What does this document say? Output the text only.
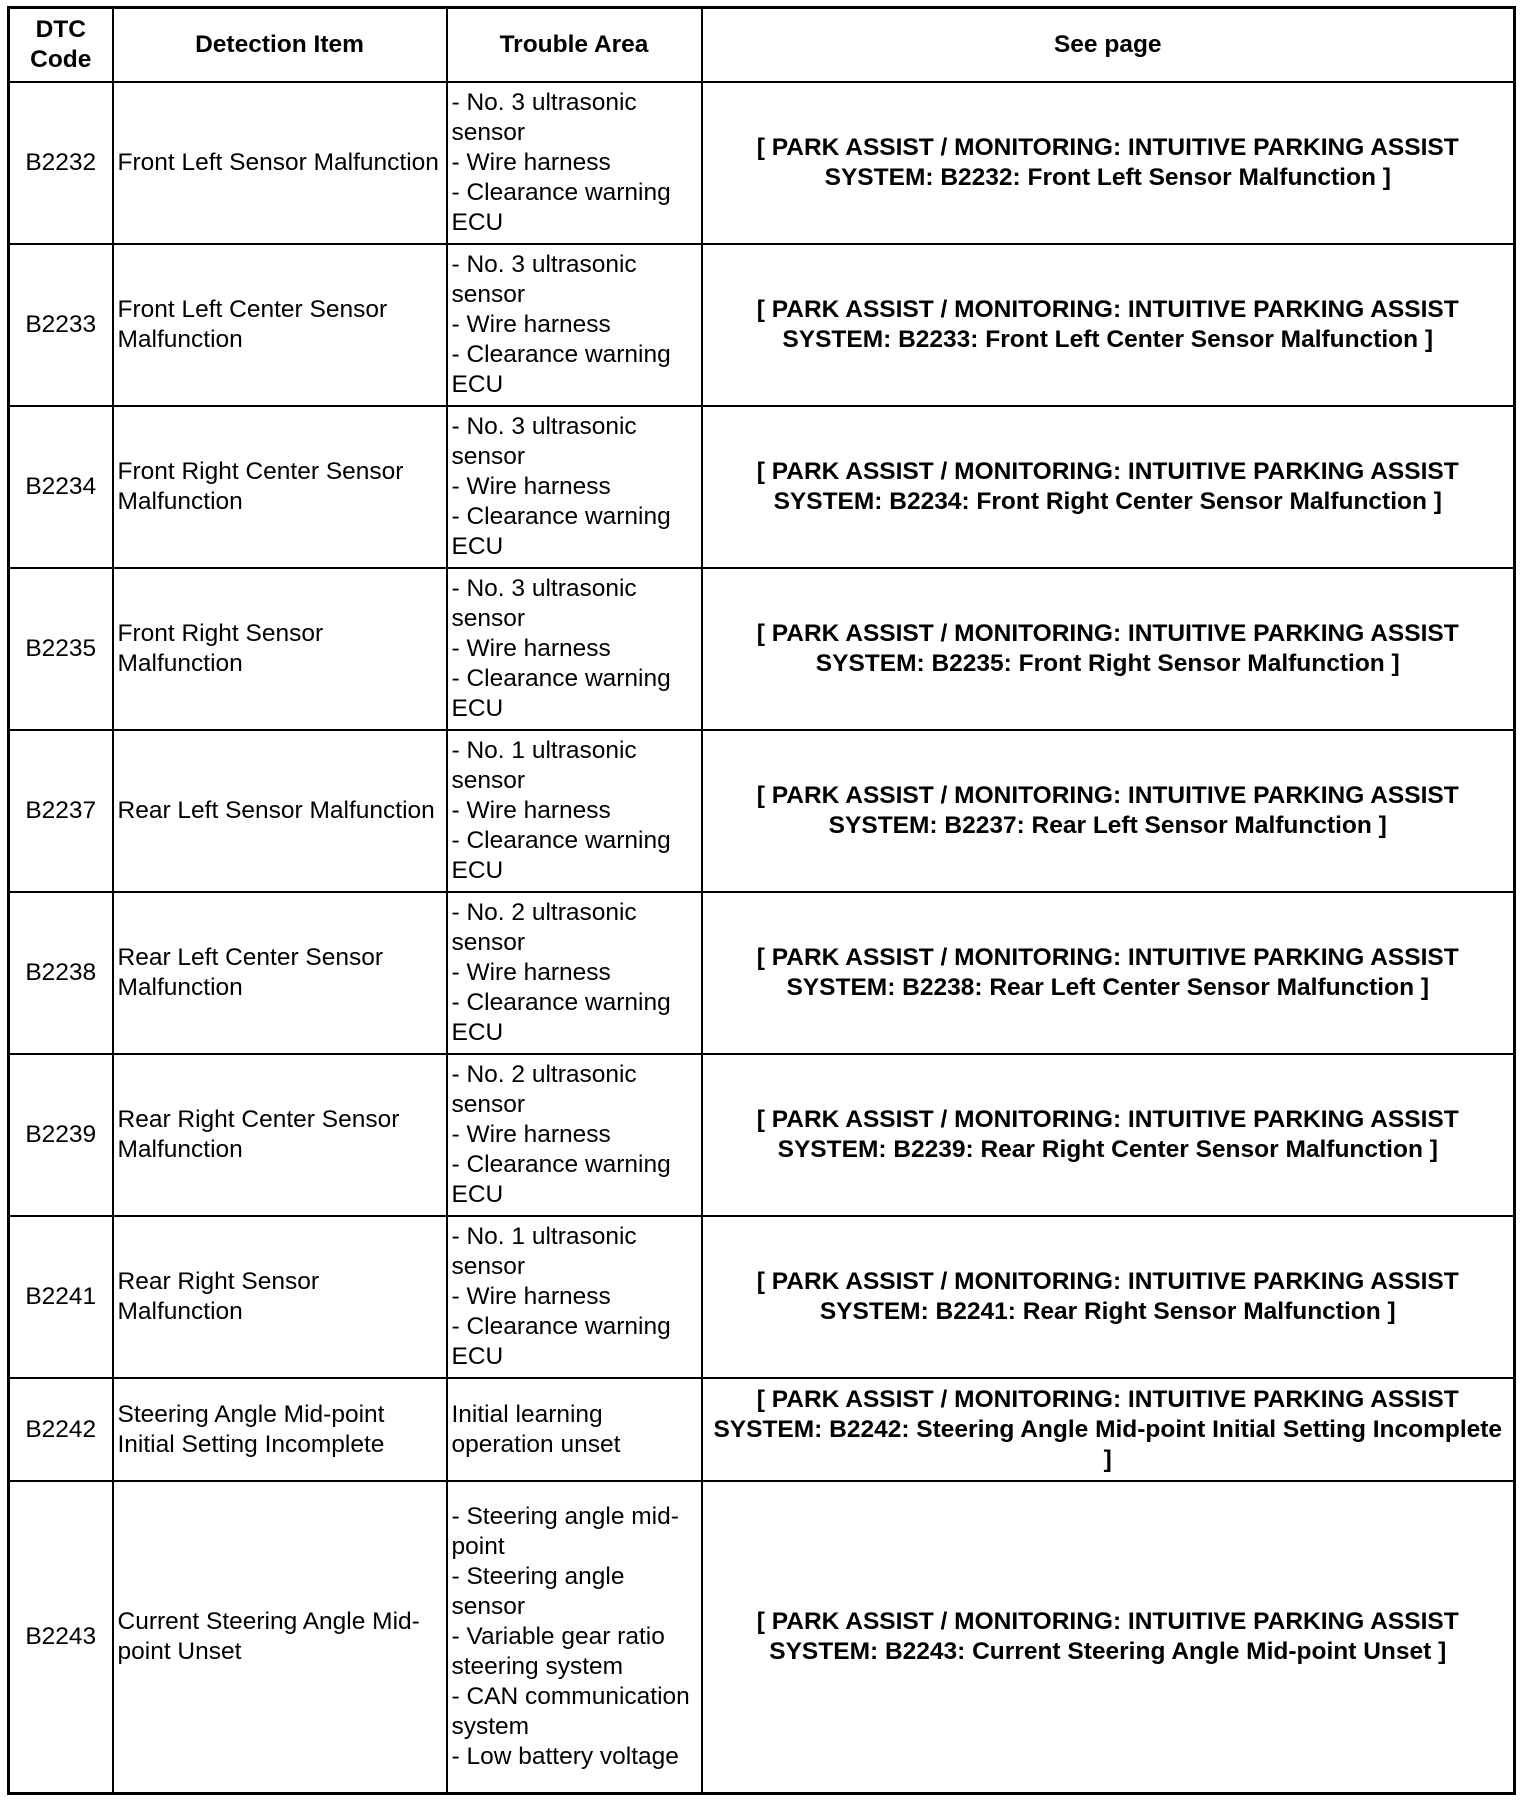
DTC Code	Detection Item	Trouble Area	See page
B2232	Front Left Sensor Malfunction	- No. 3 ultrasonic sensor
- Wire harness
- Clearance warning ECU	[ PARK ASSIST / MONITORING: INTUITIVE PARKING ASSIST SYSTEM: B2232: Front Left Sensor Malfunction ]
B2233	Front Left Center Sensor Malfunction	- No. 3 ultrasonic sensor
- Wire harness
- Clearance warning ECU	[ PARK ASSIST / MONITORING: INTUITIVE PARKING ASSIST SYSTEM: B2233: Front Left Center Sensor Malfunction ]
B2234	Front Right Center Sensor Malfunction	- No. 3 ultrasonic sensor
- Wire harness
- Clearance warning ECU	[ PARK ASSIST / MONITORING: INTUITIVE PARKING ASSIST SYSTEM: B2234: Front Right Center Sensor Malfunction ]
B2235	Front Right Sensor Malfunction	- No. 3 ultrasonic sensor
- Wire harness
- Clearance warning ECU	[ PARK ASSIST / MONITORING: INTUITIVE PARKING ASSIST SYSTEM: B2235: Front Right Sensor Malfunction ]
B2237	Rear Left Sensor Malfunction	- No. 1 ultrasonic sensor
- Wire harness
- Clearance warning ECU	[ PARK ASSIST / MONITORING: INTUITIVE PARKING ASSIST SYSTEM: B2237: Rear Left Sensor Malfunction ]
B2238	Rear Left Center Sensor Malfunction	- No. 2 ultrasonic sensor
- Wire harness
- Clearance warning ECU	[ PARK ASSIST / MONITORING: INTUITIVE PARKING ASSIST SYSTEM: B2238: Rear Left Center Sensor Malfunction ]
B2239	Rear Right Center Sensor Malfunction	- No. 2 ultrasonic sensor
- Wire harness
- Clearance warning ECU	[ PARK ASSIST / MONITORING: INTUITIVE PARKING ASSIST SYSTEM: B2239: Rear Right Center Sensor Malfunction ]
B2241	Rear Right Sensor Malfunction	- No. 1 ultrasonic sensor
- Wire harness
- Clearance warning ECU	[ PARK ASSIST / MONITORING: INTUITIVE PARKING ASSIST SYSTEM: B2241: Rear Right Sensor Malfunction ]
B2242	Steering Angle Mid-point Initial Setting Incomplete	Initial learning operation unset	[ PARK ASSIST / MONITORING: INTUITIVE PARKING ASSIST SYSTEM: B2242: Steering Angle Mid-point Initial Setting Incomplete ]
B2243	Current Steering Angle Mid-point Unset	- Steering angle mid-point
- Steering angle sensor
- Variable gear ratio steering system
- CAN communication system
- Low battery voltage	[ PARK ASSIST / MONITORING: INTUITIVE PARKING ASSIST SYSTEM: B2243: Current Steering Angle Mid-point Unset ]
